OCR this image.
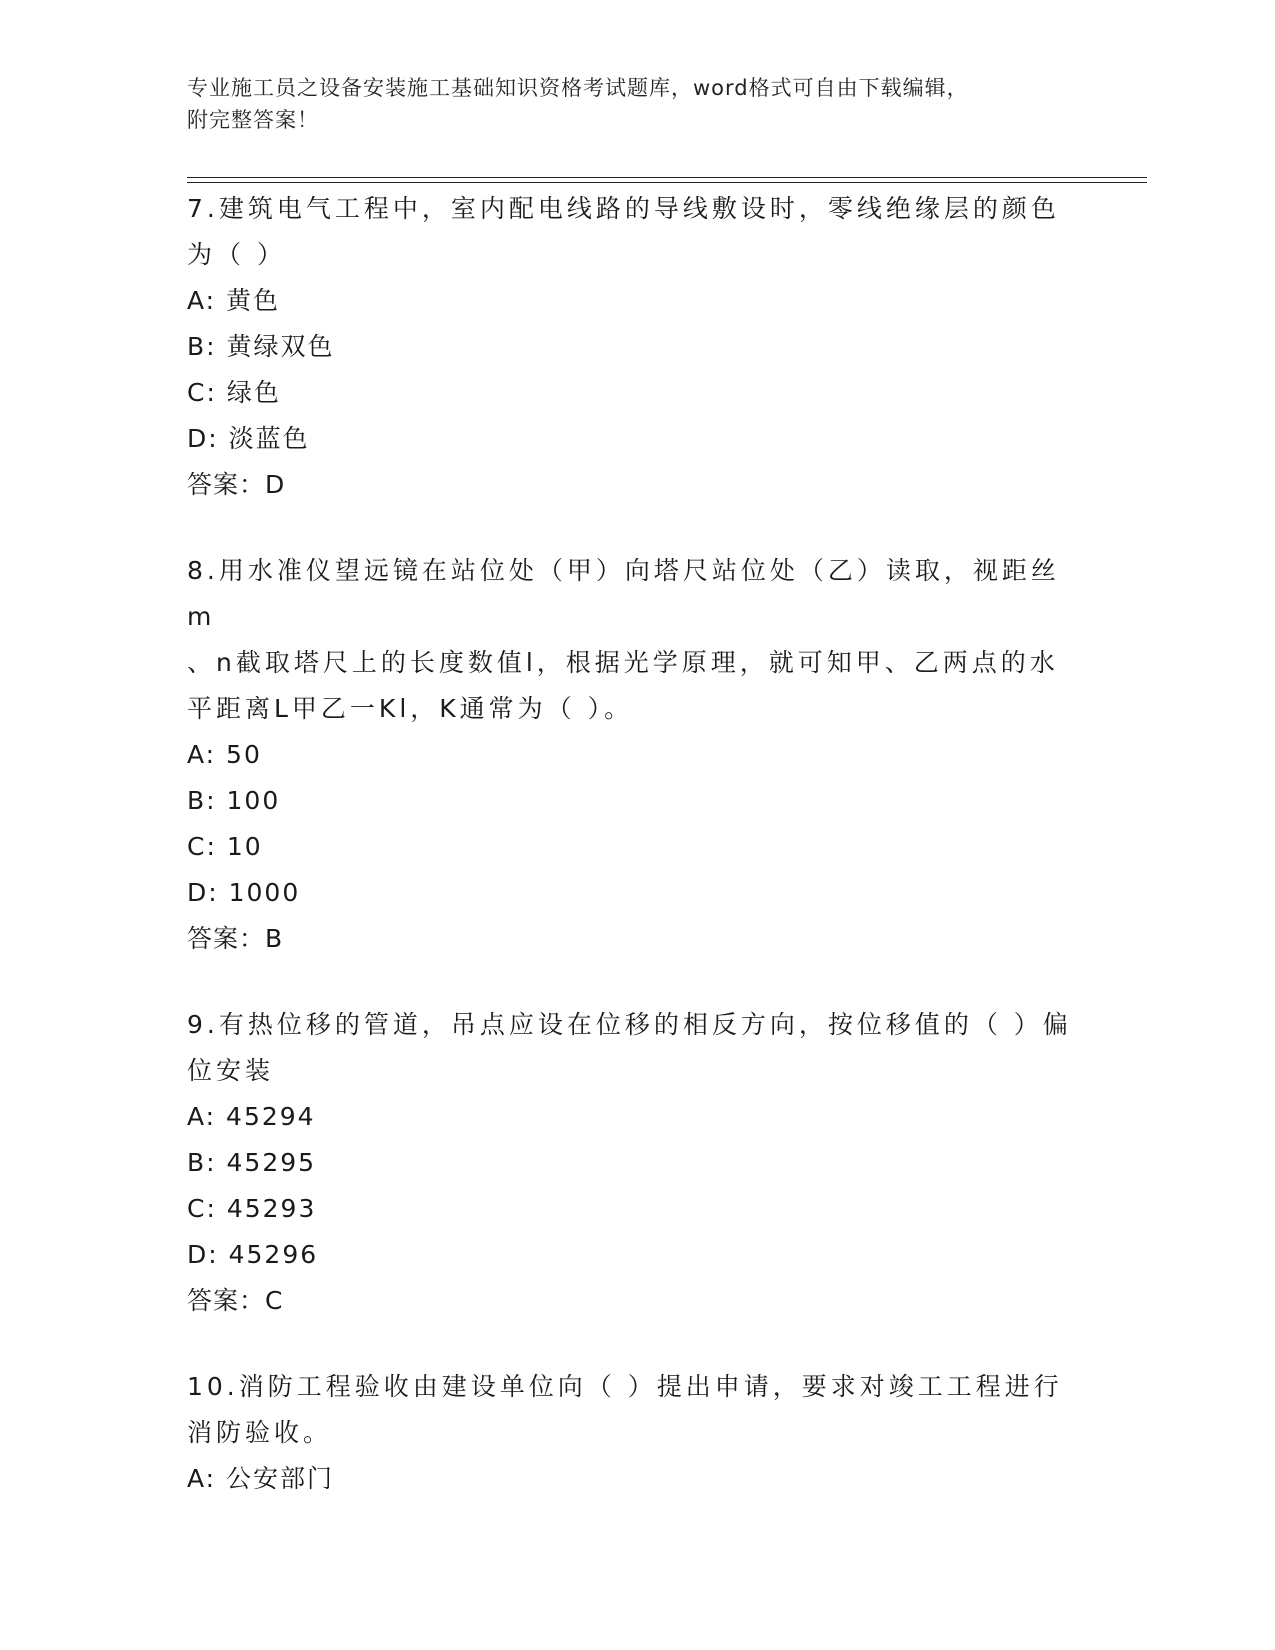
专业施工员之设备安装施工基础知识资格考试题库，word格式可自由下载编辑，
附完整答案！

7.建筑电气工程中，室内配电线路的导线敷设时，零线绝缘层的颜色

为（ ）

A: 黄色

B: 黄绿双色

C: 绿色

D: 淡蓝色

答案：D

8.用水准仪望远镜在站位处（甲）向塔尺站位处（乙）读取，视距丝m

、n截取塔尺上的长度数值l，根据光学原理，就可知甲、乙两点的水

平距离L甲乙一Kl，K通常为（ ）。

A: 50

B: 100

C: 10

D: 1000

答案：B

9.有热位移的管道，吊点应设在位移的相反方向，按位移值的（ ）偏

位安装

A: 45294

B: 45295

C: 45293

D: 45296

答案：C

10.消防工程验收由建设单位向（ ）提出申请，要求对竣工工程进行

消防验收。

A: 公安部门
